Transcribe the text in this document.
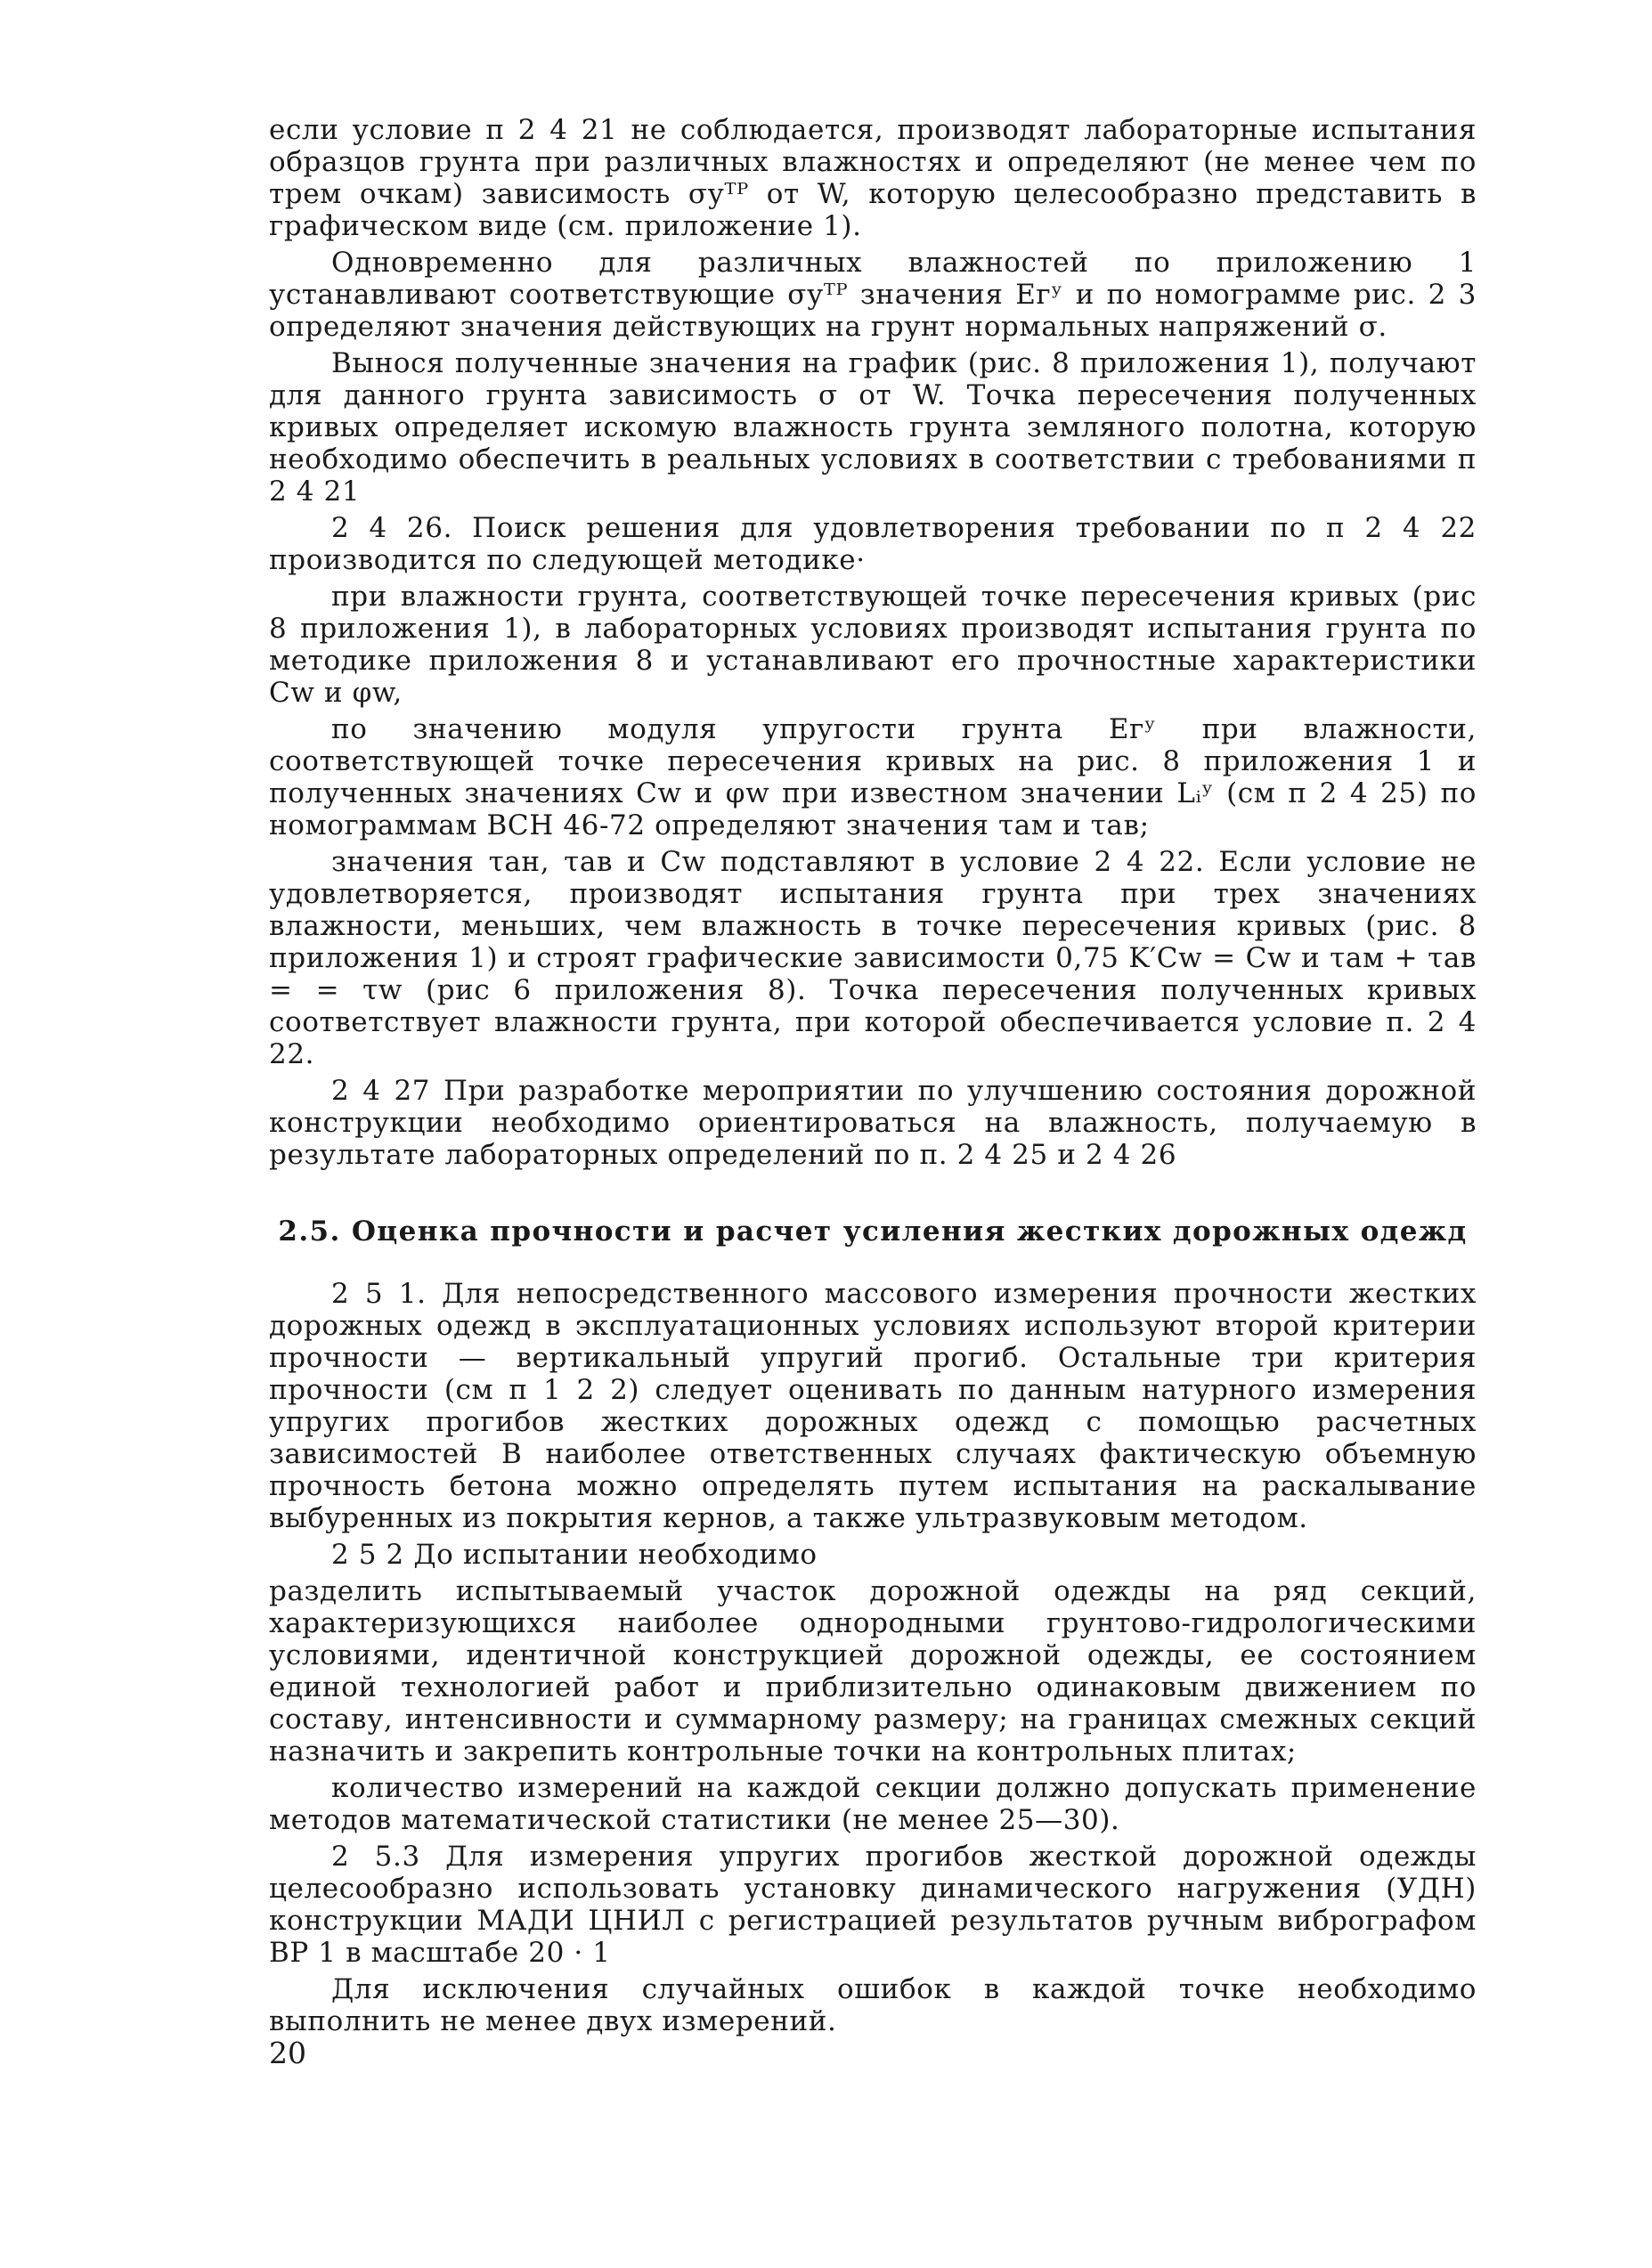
если условие п 2 4 21 не соблюдается, производят лабораторные испытания образцов грунта при различных влажностях и определяют (не менее чем по трем очкам) зависимость σуᵀᴾ от W, которую целесообразно представить в графическом виде (см. приложение 1).

Одновременно для различных влажностей по приложению 1 устанавливают соответствующие σуᵀᴾ значения Eгʸ и по номограмме рис. 2 3 определяют значения действующих на грунт нормальных напряжений σ.

Вынося полученные значения на график (рис. 8 приложения 1), получают для данного грунта зависимость σ от W. Точка пересечения полученных кривых определяет искомую влажность грунта земляного полотна, которую необходимо обеспечить в реальных условиях в соответствии с требованиями п 2 4 21

2 4 26. Поиск решения для удовлетворения требовании по п 2 4 22 производится по следующей методике·

при влажности грунта, соответствующей точке пересечения кривых (рис 8 приложения 1), в лабораторных условиях производят испытания грунта по методике приложения 8 и устанавливают его прочностные характеристики Cw и φw,

по значению модуля упругости грунта Eгʸ при влажности, соответствующей точке пересечения кривых на рис. 8 приложения 1 и полученных значениях Cw и φw при известном значении Lᵢʸ (см п 2 4 25) по номограммам ВСН 46-72 определяют значения τам и τав;

значения τан, τав и Cw подставляют в условие 2 4 22. Если условие не удовлетворяется, производят испытания грунта при трех значениях влажности, меньших, чем влажность в точке пересечения кривых (рис. 8 приложения 1) и строят графические зависимости 0,75 K′Cw = Cw и τам + τав = = τw (рис 6 приложения 8). Точка пересечения полученных кривых соответствует влажности грунта, при которой обеспечивается условие п. 2 4 22.

2 4 27 При разработке мероприятии по улучшению состояния дорожной конструкции необходимо ориентироваться на влажность, получаемую в результате лабораторных определений по п. 2 4 25 и 2 4 26

2.5. Оценка прочности и расчет усиления жестких дорожных одежд

2 5 1. Для непосредственного массового измерения прочности жестких дорожных одежд в эксплуатационных условиях используют второй критерии прочности — вертикальный упругий прогиб. Остальные три критерия прочности (см п 1 2 2) следует оценивать по данным натурного измерения упругих прогибов жестких дорожных одежд с помощью расчетных зависимостей В наиболее ответственных случаях фактическую объемную прочность бетона можно определять путем испытания на раскалывание выбуренных из покрытия кернов, а также ультразвуковым методом.

2 5 2 До испытании необходимо

разделить испытываемый участок дорожной одежды на ряд секций, характеризующихся наиболее однородными грунтово-гидрологическими условиями, идентичной конструкцией дорожной одежды, ее состоянием единой технологией работ и приблизительно одинаковым движением по составу, интенсивности и суммарному размеру; на границах смежных секций назначить и закрепить контрольные точки на контрольных плитах;

количество измерений на каждой секции должно допускать применение методов математической статистики (не менее 25—30).

2 5.3 Для измерения упругих прогибов жесткой дорожной одежды целесообразно использовать установку динамического нагружения (УДН) конструкции МАДИ ЦНИЛ с регистрацией результатов ручным вибрографом ВР 1 в масштабе 20 · 1

Для исключения случайных ошибок в каждой точке необходимо выполнить не менее двух измерений.

20
